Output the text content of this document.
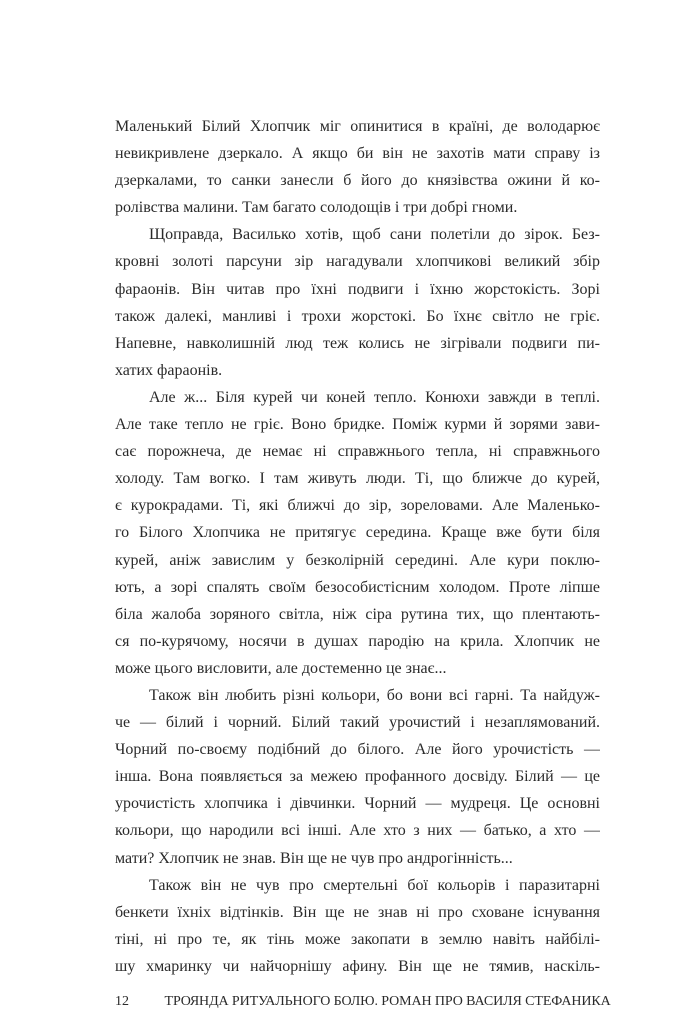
Маленький Білий Хлопчик міг опинитися в країні, де володарює
невикривлене дзеркало. А якщо би він не захотів мати справу із
дзеркалами, то санки занесли б його до князівства ожини й ко-
ролівства малини. Там багато солодощів і три добрі гноми.

Щоправда, Василько хотів, щоб сани полетіли до зірок. Без-
кровні золоті парсуни зір нагадували хлопчикові великий збір
фараонів. Він читав про їхні подвиги і їхню жорстокість. Зорі
також далекі, манливі і трохи жорстокі. Бо їхнє світло не гріє.
Напевне, навколишній люд теж колись не зігрівали подвиги пи-
хатих фараонів.

Але ж... Біля курей чи коней тепло. Конюхи завжди в теплі.
Але таке тепло не гріє. Воно бридке. Поміж курми й зорями зави-
сає порожнеча, де немає ні справжнього тепла, ні справжнього
холоду. Там вогко. І там живуть люди. Ті, що ближче до курей,
є курокрадами. Ті, які ближчі до зір, зореловами. Але Маленько-
го Білого Хлопчика не притягує середина. Краще вже бути біля
курей, аніж завислим у безколірній середині. Але кури поклю-
ють, а зорі спалять своїм безособистісним холодом. Проте ліпше
біла жалоба зоряного світла, ніж сіра рутина тих, що плентають-
ся по-курячому, носячи в душах пародію на крила. Хлопчик не
може цього висловити, але достеменно це знає...

Також він любить різні кольори, бо вони всі гарні. Та найдуж-
че — білий і чорний. Білий такий урочистий і незаплямований.
Чорний по-своєму подібний до білого. Але його урочистість —
інша. Вона появляється за межею профанного досвіду. Білий — це
урочистість хлопчика і дівчинки. Чорний — мудреця. Це основні
кольори, що народили всі інші. Але хто з них — батько, а хто —
мати? Хлопчик не знав. Він ще не чув про андрогінність...

Також він не чув про смертельні бої кольорів і паразитарні
бенкети їхніх відтінків. Він ще не знав ні про сховане існування
тіні, ні про те, як тінь може закопати в землю навіть найбілі-
шу хмаринку чи найчорнішу афину. Він ще не тямив, наскіль-

12	ТРОЯНДА РИТУАЛЬНОГО БОЛЮ. РОМАН ПРО ВАСИЛЯ СТЕФАНИКА
